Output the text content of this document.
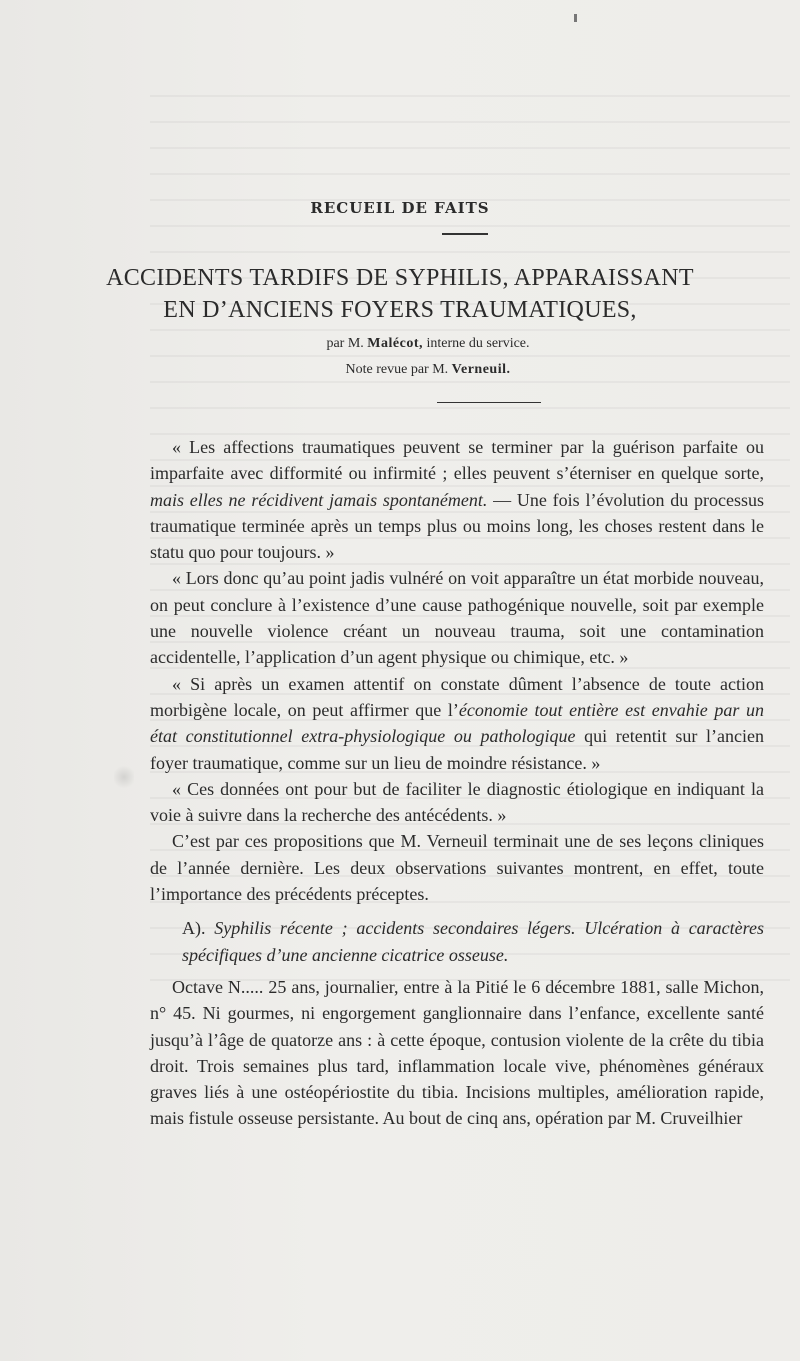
RECUEIL DE FAITS
ACCIDENTS TARDIFS DE SYPHILIS, APPARAISSANT
EN D’ANCIENS FOYERS TRAUMATIQUES,
par M. Malécot, interne du service.
Note revue par M. Verneuil.

« Les affections traumatiques peuvent se terminer par la guérison parfaite ou imparfaite avec difformité ou infirmité ; elles peuvent s’éterniser en quelque sorte, mais elles ne récidivent jamais spontanément. — Une fois l’évolution du processus traumatique terminée après un temps plus ou moins long, les choses restent dans le statu quo pour toujours. »

« Lors donc qu’au point jadis vulnéré on voit apparaître un état morbide nouveau, on peut conclure à l’existence d’une cause pathogénique nouvelle, soit par exemple une nouvelle violence créant un nouveau trauma, soit une contamination accidentelle, l’application d’un agent physique ou chimique, etc. »

« Si après un examen attentif on constate dûment l’absence de toute action morbigène locale, on peut affirmer que l’économie tout entière est envahie par un état constitutionnel extra-physiologique ou pathologique qui retentit sur l’ancien foyer traumatique, comme sur un lieu de moindre résistance. »

« Ces données ont pour but de faciliter le diagnostic étiologique en indiquant la voie à suivre dans la recherche des antécédents. »

C’est par ces propositions que M. Verneuil terminait une de ses leçons cliniques de l’année dernière. Les deux observations suivantes montrent, en effet, toute l’importance des précédents préceptes.

A). Syphilis récente ; accidents secondaires légers. Ulcération à caractères spécifiques d’une ancienne cicatrice osseuse.

Octave N..... 25 ans, journalier, entre à la Pitié le 6 décembre 1881, salle Michon, n° 45. Ni gourmes, ni engorgement ganglionnaire dans l’enfance, excellente santé jusqu’à l’âge de quatorze ans : à cette époque, contusion violente de la crête du tibia droit. Trois semaines plus tard, inflammation locale vive, phénomènes généraux graves liés à une ostéopériostite du tibia. Incisions multiples, amélioration rapide, mais fistule osseuse persistante. Au bout de cinq ans, opération par M. Cruveilhier
